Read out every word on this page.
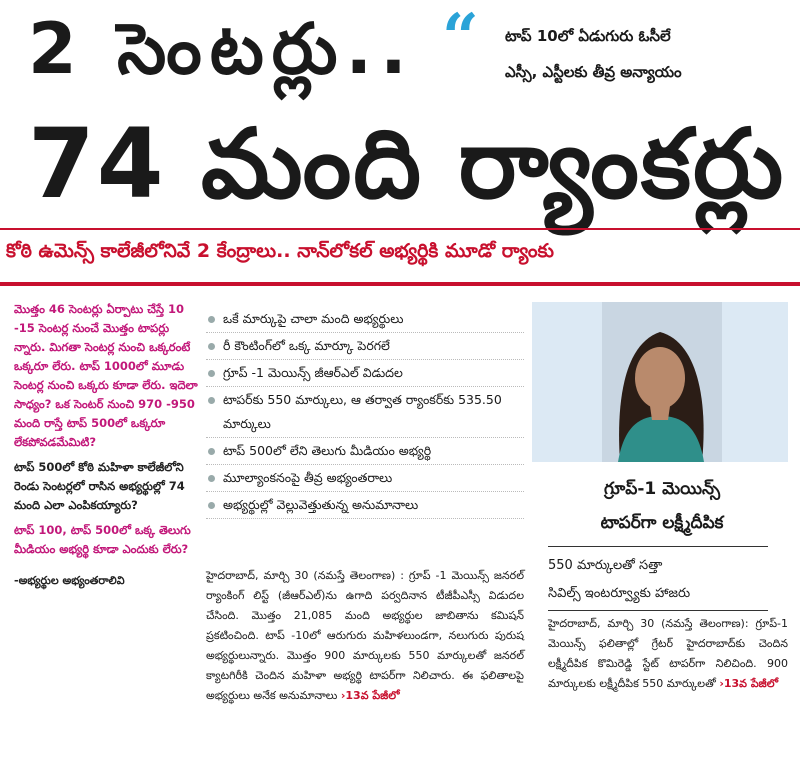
2 సెంటర్లు..
74 మంది ర్యాంకర్లు
“ టాప్ 10లో ఏడుగురు ఓసీలే
ఎస్సీ, ఎస్టీలకు తీవ్ర అన్యాయం
కోఠి ఉమెన్స్ కాలేజీలోనివే 2 కేంద్రాలు.. నాన్‌లోకల్ అభ్యర్థికి మూడో ర్యాంకు

మొత్తం 46 సెంటర్లు ఏర్పాటు చేస్తే 10 -15 సెంటర్ల నుంచే మొత్తం టాపర్లు న్నారు. మిగతా సెంటర్ల నుంచి ఒక్కరంటే ఒక్కరూ లేరు. టాప్ 1000లో మూడు సెంటర్ల నుంచి ఒక్కరు కూడా లేరు. ఇదెలా సాధ్యం? ఒక సెంటర్ నుంచి 970 -950 మంది రాస్తే టాప్ 500లో ఒక్కరూ లేకపోవడమేమిటి?

టాప్ 500లో కోఠి మహిళా కాలేజీలోని రెండు సెంటర్లలో రాసిన అభ్యర్థుల్లో 74 మంది ఎలా ఎంపికయ్యారు?

టాప్ 100, టాప్ 500లో ఒక్క తెలుగు మీడియం అభ్యర్థి కూడా ఎందుకు లేరు?

-అభ్యర్థుల అభ్యంతరాలివి
ఒకే మార్కుపై చాలా మంది అభ్యర్థులు
రీ కౌంటింగ్‌లో ఒక్క మార్కూ పెరగలే
గ్రూప్ -1 మెయిన్స్ జీఆర్‌ఎల్ విడుదల
టాపర్‌కు 550 మార్కులు, ఆ తర్వాత ర్యాంకర్‌కు 535.50 మార్కులు
టాప్ 500లో లేని తెలుగు మీడియం అభ్యర్థి
మూల్యాంకనంపై తీవ్ర అభ్యంతరాలు
అభ్యర్థుల్లో వెల్లువెత్తుతున్న అనుమానాలు
హైదరాబాద్, మార్చి 30 (నమస్తే తెలంగాణ) : గ్రూప్ -1 మెయిన్స్ జనరల్ ర్యాంకింగ్ లిస్ట్ (జీఆర్‌ఎల్)ను ఉగాది పర్వదినాన టీజీపీఎస్సీ విడుదల చేసింది. మొత్తం 21,085 మంది అభ్యర్థుల జాబితాను కమిషన్ ప్రకటించింది. టాప్ -10లో ఆరుగురు మహిళలుండగా, నలుగురు పురుష అభ్యర్థులున్నారు. మొత్తం 900 మార్కులకు 550 మార్కులతో జనరల్ క్యాటగిరీకి చెందిన మహిళా అభ్యర్థి టాపర్‌గా నిలిచారు. ఈ ఫలితాలపై అభ్యర్థులు అనేక అనుమానాలు ›13వ పేజీలో
గ్రూప్-1 మెయిన్స్
టాపర్‌గా లక్ష్మీదీపిక
550 మార్కులతో సత్తా
సివిల్స్ ఇంటర్వ్యూకు హాజరు
హైదరాబాద్, మార్చి 30 (నమస్తే తెలంగాణ): గ్రూప్-1 మెయిన్స్ ఫలితాల్లో గ్రేటర్ హైదరాబాద్‌కు చెందిన లక్ష్మీదీపిక కొమిరెడ్డి స్టేట్ టాపర్‌గా నిలిచింది. 900 మార్కులకు లక్ష్మీదీపిక 550 మార్కులతో ›13వ పేజీలో
